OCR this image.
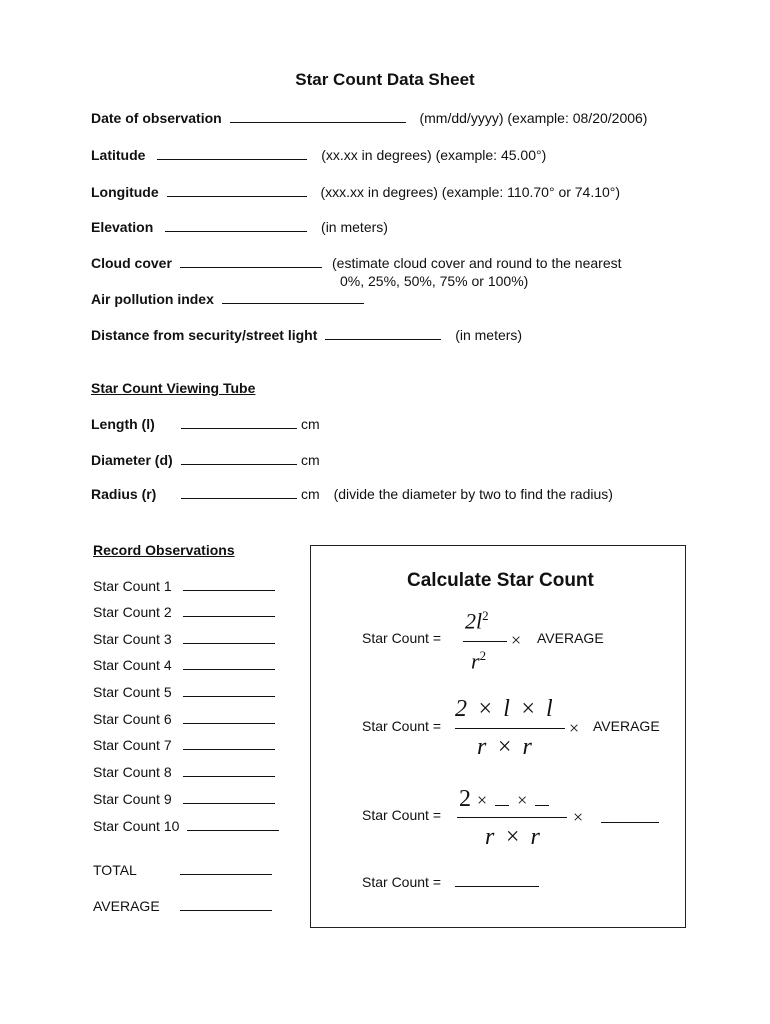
Star Count Data Sheet
Date of observation	(mm/dd/yyyy) (example: 08/20/2006)
Latitude	(xx.xx in degrees) (example: 45.00°)
Longitude	(xxx.xx in degrees) (example: 110.70° or 74.10°)
Elevation	(in meters)
Cloud cover	(estimate cloud cover and round to the nearest
0%, 25%, 50%, 75% or 100%)
Air pollution index
Distance from security/street light	(in meters)
Star Count Viewing Tube
Length (l)	cm
Diameter (d)	cm
Radius (r)	cm (divide the diameter by two to find the radius)
Record Observations
Star Count 1
Star Count 2
Star Count 3
Star Count 4
Star Count 5
Star Count 6
Star Count 7
Star Count 8
Star Count 9
Star Count 10
TOTAL
AVERAGE
Calculate Star Count
Star Count =
$2l^2$
$r^2$
× AVERAGE
Star Count =
2 × l × l
r × r
× AVERAGE
Star Count =
2 × ×
r × r
×
Star Count =
